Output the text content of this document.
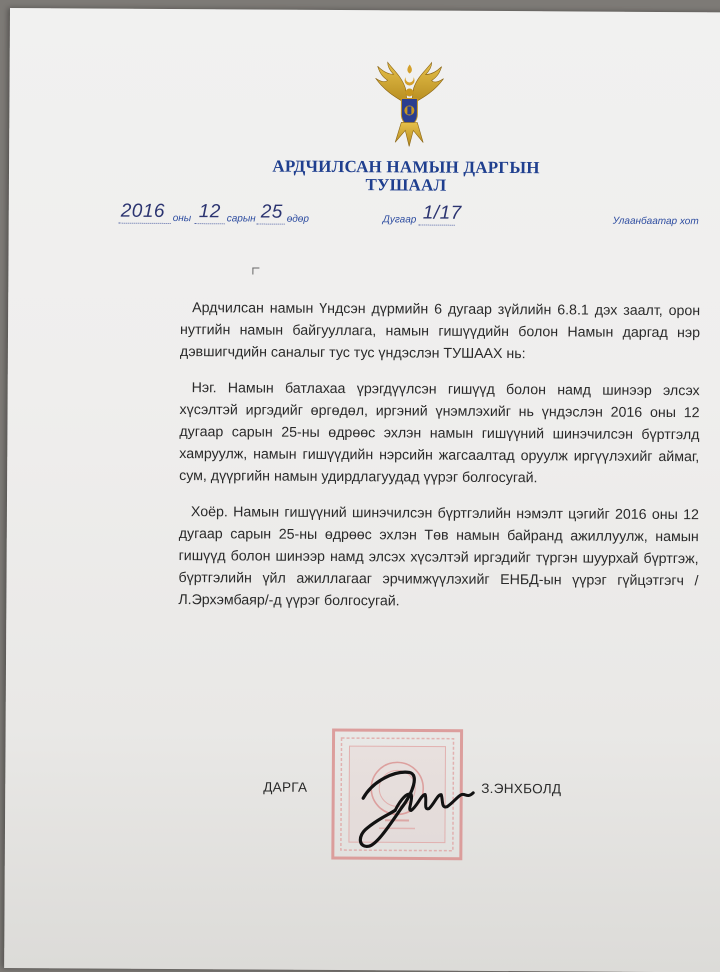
АРДЧИЛСАН НАМЫН ДАРГЫН
ТУШААЛ
2016 оны 12 сарын 25 өдөр	Дугаар 1/17	Улаанбаатар хот

Ардчилсан намын Үндсэн дүрмийн 6 дугаар зүйлийн 6.8.1 дэх заалт, орон нутгийн намын байгууллага, намын гишүүдийн болон Намын даргад нэр дэвшигчдийн саналыг тус тус үндэслэн ТУШААХ нь:

Нэг. Намын батлахаа үрэгдүүлсэн гишүүд болон намд шинээр элсэх хүсэлтэй иргэдийг өргөдөл, иргэний үнэмлэхийг нь үндэслэн 2016 оны 12 дугаар сарын 25-ны өдрөөс эхлэн намын гишүүний шинэчилсэн бүртгэлд хамруулж, намын гишүүдийн нэрсийн жагсаалтад оруулж иргүүлэхийг аймаг, сум, дүүргийн намын удирдлагуудад үүрэг болгосугай.

Хоёр. Намын гишүүний шинэчилсэн бүртгэлийн нэмэлт цэгийг 2016 оны 12 дугаар сарын 25-ны өдрөөс эхлэн Төв намын байранд ажиллуулж, намын гишүүд болон шинээр намд элсэх хүсэлтэй иргэдийг түргэн шуурхай бүртгэж, бүртгэлийн үйл ажиллагааг эрчимжүүлэхийг ЕНБД-ын үүрэг гүйцэтгэгч /Л.Эрхэмбаяр/-д үүрэг болгосугай.

ДАРГА	З.ЭНХБОЛД
